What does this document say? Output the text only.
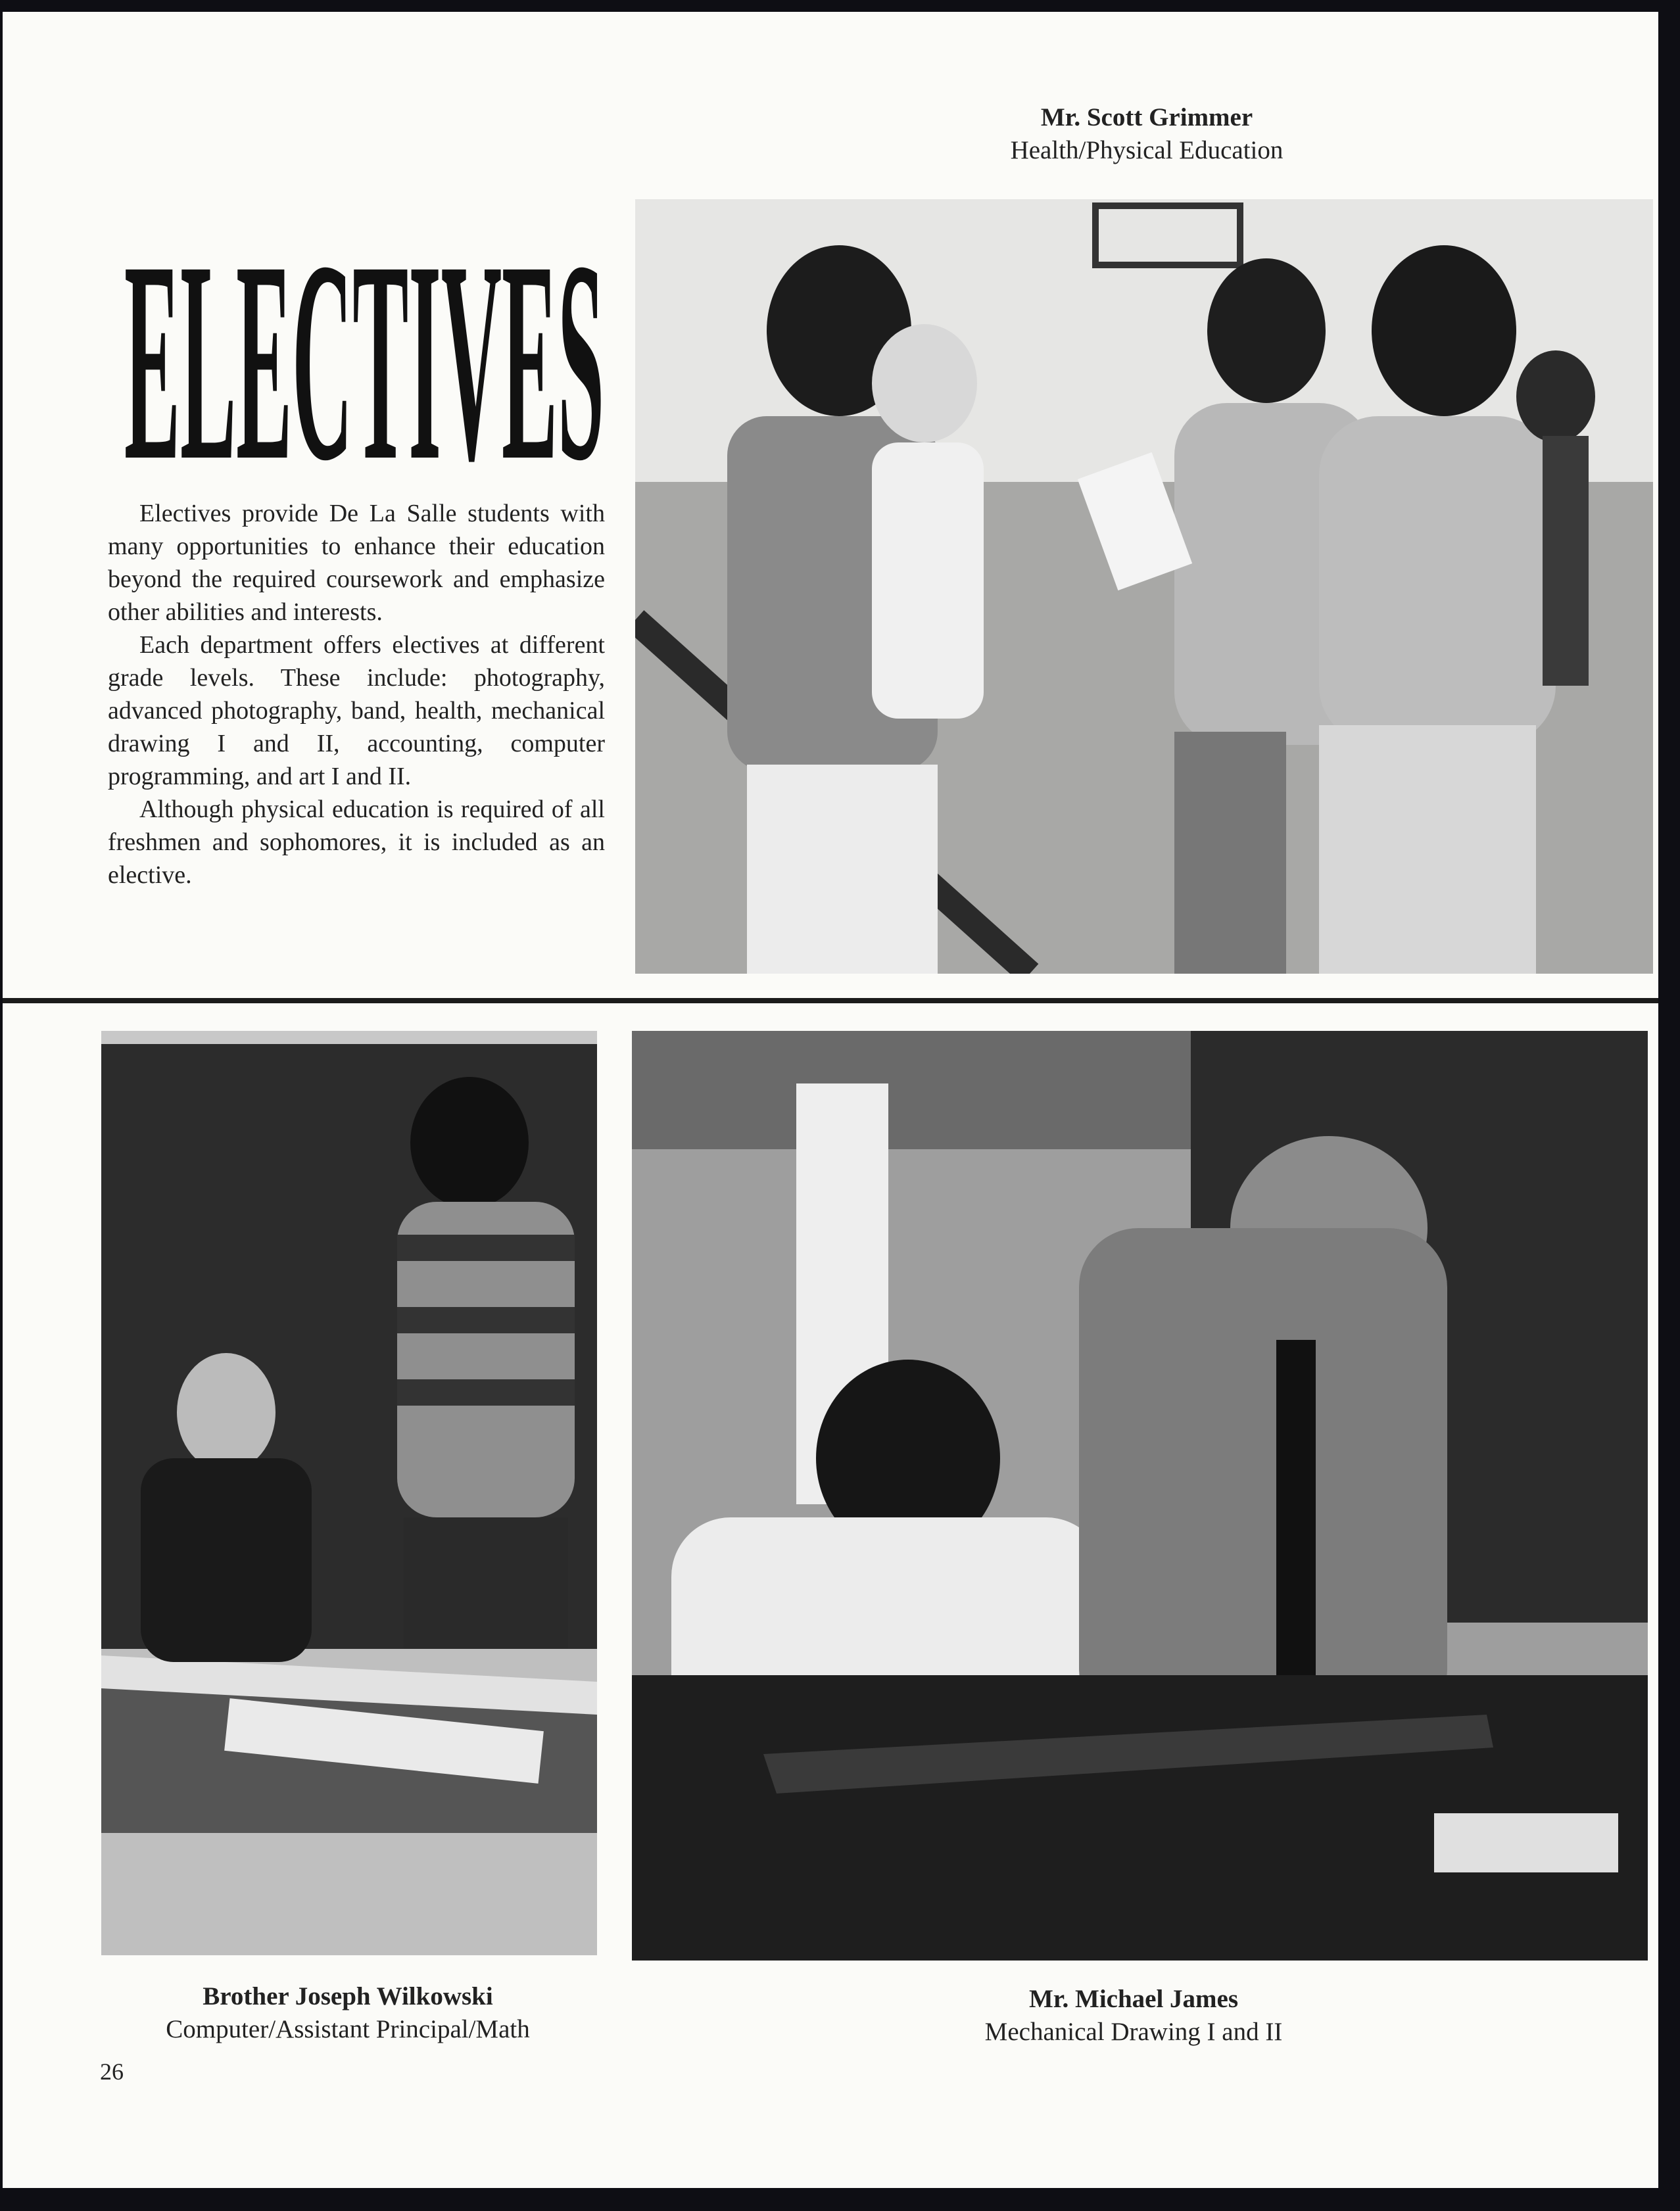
ELECTIVES

Electives provide De La Salle students with many opportunities to enhance their education beyond the required coursework and emphasize other abilities and interests.

Each department offers electives at different grade levels. These include: photography, advanced photography, band, health, mechanical drawing I and II, accounting, computer programming, and art I and II.

Although physical education is required of all freshmen and sophomores, it is included as an elective.

Mr. Scott Grimmer
Health/Physical Education
Brother Joseph Wilkowski
Computer/Assistant Principal/Math
Mr. Michael James
Mechanical Drawing I and II
26
